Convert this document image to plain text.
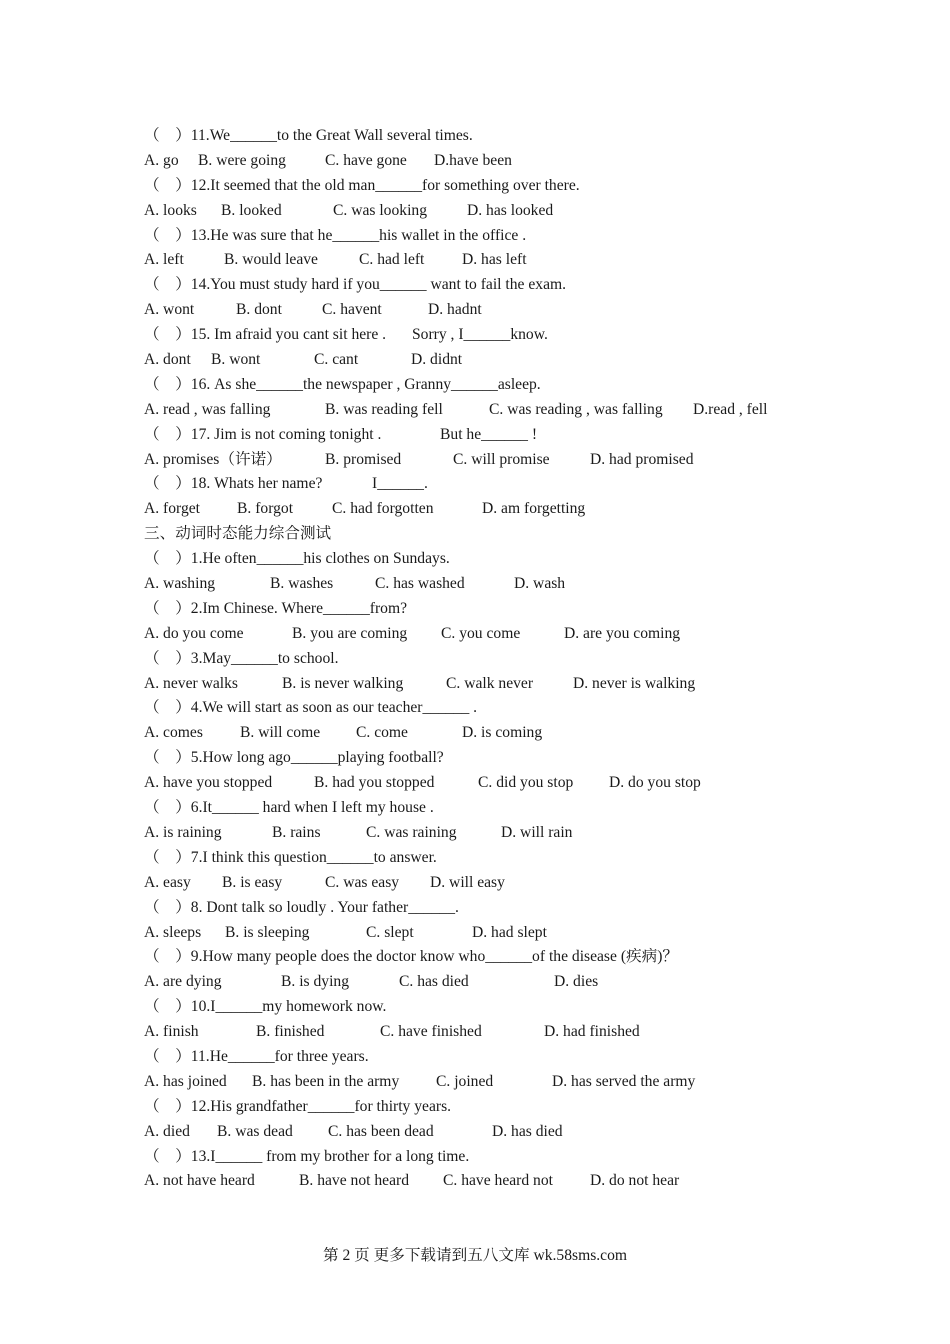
（　）11.We______to the Great Wall several times.
A. go B. were going	C. have gone D.have been
（　）12.It seemed that the old man______for something over there.
A. looks B. looked	C. was looking	D. has looked
（　）13.He was sure that he______his wallet in the office .
A. left	B. would leave	C. had left D. has left
（　）14.You must study hard if you______ want to fail the exam.
A. wont	B. dont	C. havent	D. hadnt
（　）15. Im afraid you cant sit here . Sorry , I______know.
A. dont B. wont	C. cant	D. didnt
（　）16. As she______the newspaper , Granny______asleep.
A. read , was falling	B. was reading fell	C. was reading , was falling D.read , fell
（　）17. Jim is not coming tonight .	But he______ !
A. promises（许诺）	B. promised	C. will promise	D. had promised
（　）18. Whats her name?	I______.
A. forget B. forgot C. had forgotten	D. am forgetting
三、动词时态能力综合测试
（　）1.He often______his clothes on Sundays.
A. washing	B. washes	C. has washed	D. wash
（　）2.Im Chinese. Where______from?
A. do you come	B. you are coming C. you come	D. are you coming
（　）3.May______to school.
A. never walks	B. is never walking	C. walk never	D. never is walking
（　）4.We will start as soon as our teacher______ .
A. comes B. will come C. come	D. is coming
（　）5.How long ago______playing football?
A. have you stopped	B. had you stopped	C. did you stop D. do you stop
（　）6.It______ hard when I left my house .
A. is raining	B. rains	C. was raining	D. will rain
（　）7.I think this question______to answer.
A. easy B. is easy	C. was easy D. will easy
（　）8. Dont talk so loudly . Your father______.
A. sleeps B. is sleeping	C. slept	D. had slept
（　）9.How many people does the doctor know who______of the disease (疾病)？
A. are dying	B. is dying	C. has died	D. dies
（　）10.I______my homework now.
A. finish	B. finished	C. have finished	D. had finished
（　）11.He______for three years.
A. has joined B. has been in the army C. joined	D. has served the army
（　）12.His grandfather______for thirty years.
A. died B. was dead C. has been dead	D. has died
（　）13.I______ from my brother for a long time.
A. not have heard	B. have not heard C. have heard not D. do not hear
第 2 页 更多下载请到五八文库 wk.58sms.com
